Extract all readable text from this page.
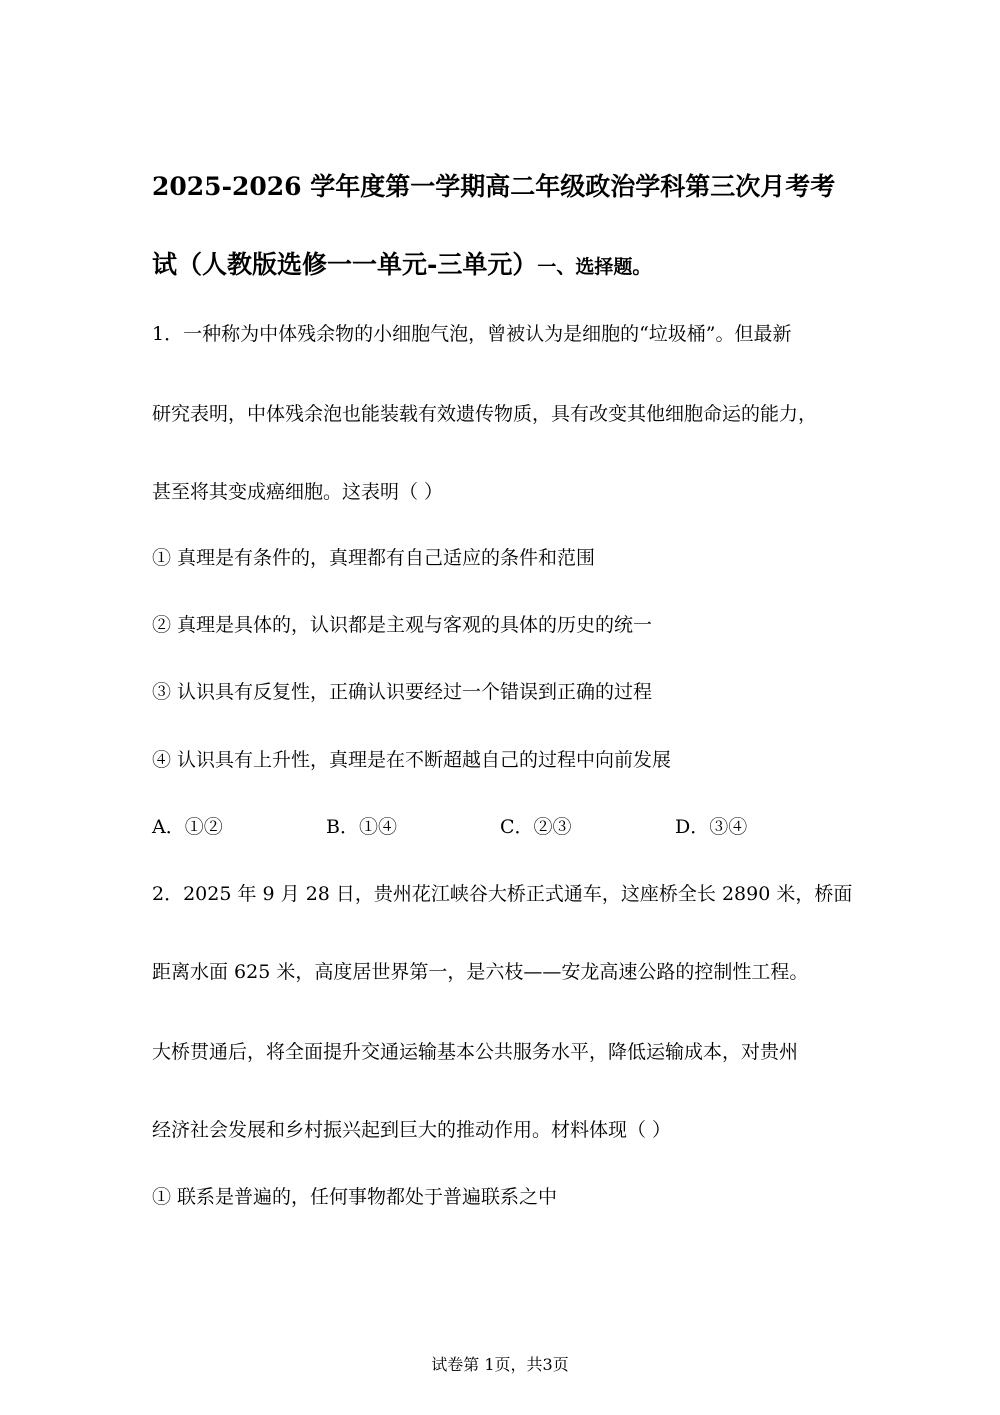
2025-2026 学年度第一学期高二年级政治学科第三次月考考
试（人教版选修一一单元-三单元）一、选择题。
1．一种称为中体残余物的小细胞气泡，曾被认为是细胞的“垃圾桶”。但最新
研究表明，中体残余泡也能装载有效遗传物质，具有改变其他细胞命运的能力，
甚至将其变成癌细胞。这表明（ ）
① 真理是有条件的，真理都有自己适应的条件和范围
② 真理是具体的，认识都是主观与客观的具体的历史的统一
③ 认识具有反复性，正确认识要经过一个错误到正确的过程
④ 认识具有上升性，真理是在不断超越自己的过程中向前发展
A．①②	B．①④	C．②③	D．③④
2．2025 年 9 月 28 日，贵州花江峡谷大桥正式通车，这座桥全长 2890 米，桥面
距离水面 625 米，高度居世界第一，是六枝——安龙高速公路的控制性工程。
大桥贯通后，将全面提升交通运输基本公共服务水平，降低运输成本，对贵州
经济社会发展和乡村振兴起到巨大的推动作用。材料体现（ ）
① 联系是普遍的，任何事物都处于普遍联系之中
试卷第 1页，共3页
